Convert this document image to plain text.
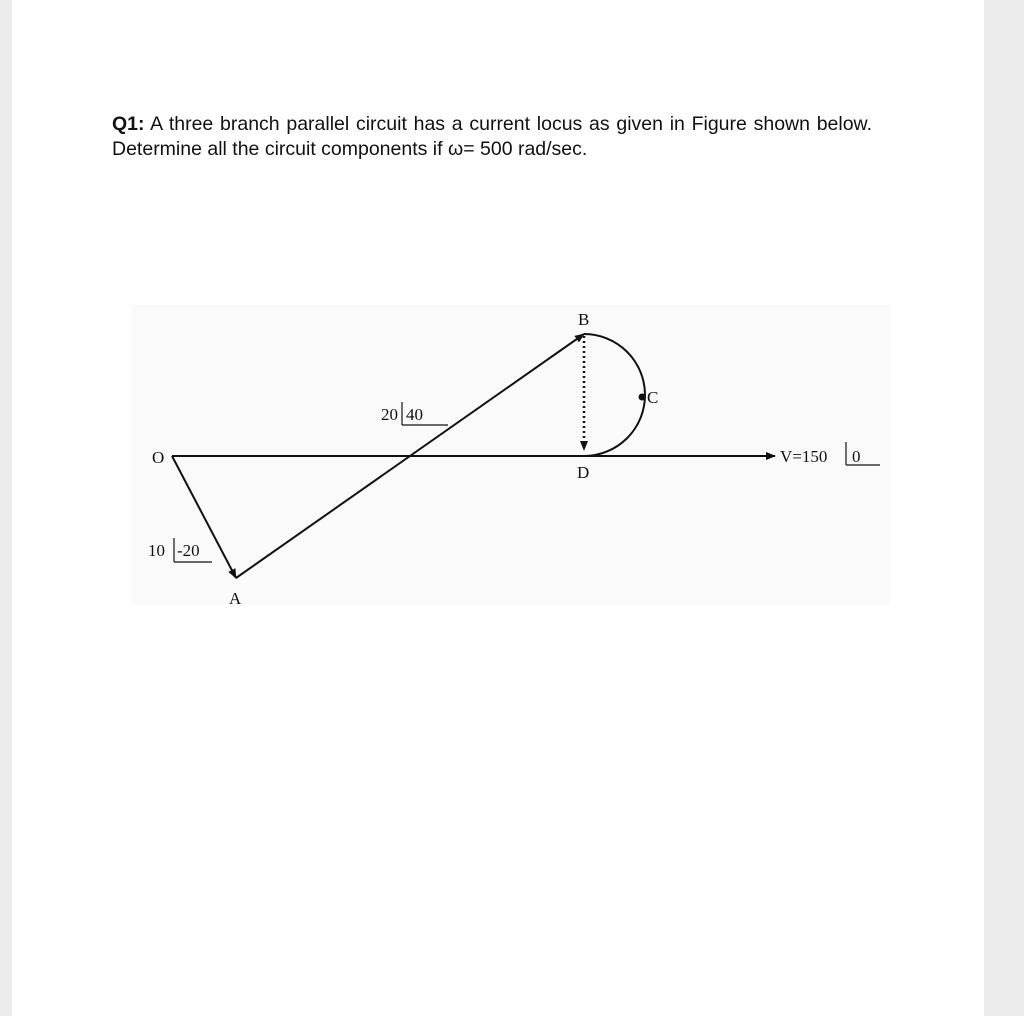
Q1: A three branch parallel circuit has a current locus as given in Figure shown below. Determine all the circuit components if ω= 500 rad/sec.
O
A
B
C
D
10 -20
20 40
V=150 0
